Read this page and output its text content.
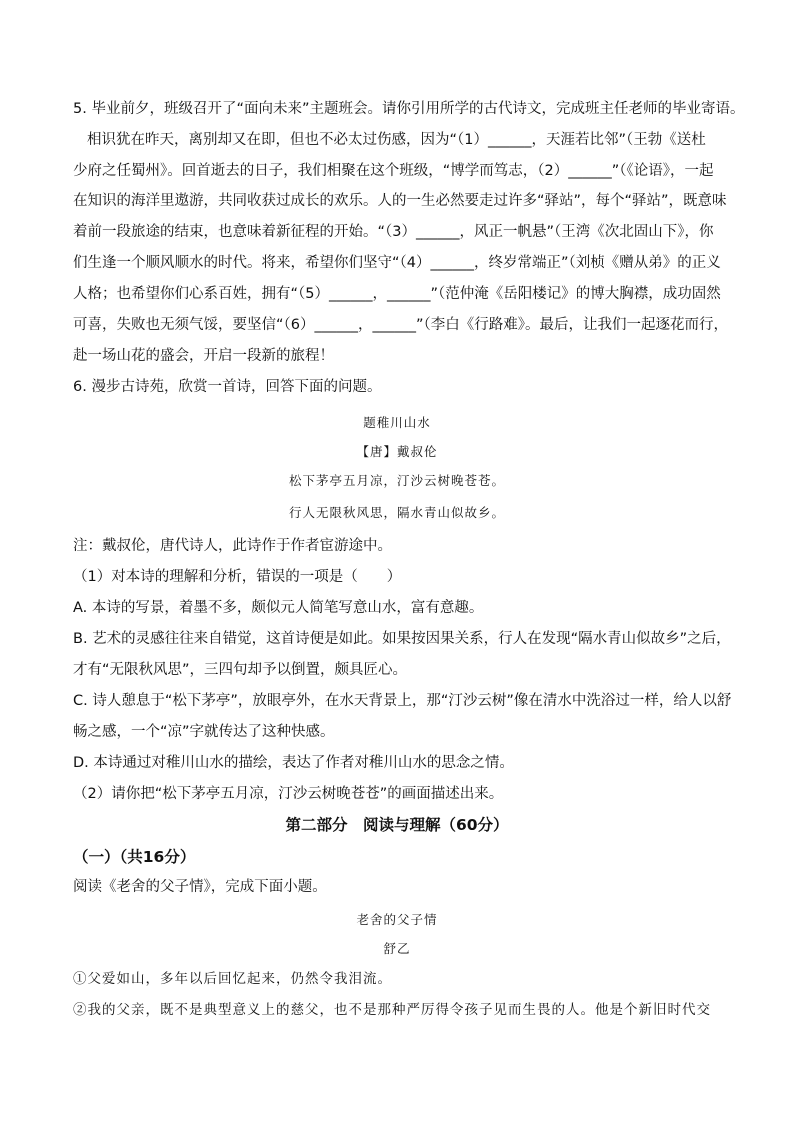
5. 毕业前夕，班级召开了“面向未来”主题班会。请你引用所学的古代诗文，完成班主任老师的毕业寄语。
相识犹在昨天，离别却又在即，但也不必太过伤感，因为“（1）______，天涯若比邻”（王勃《送杜
少府之任蜀州》。回首逝去的日子，我们相聚在这个班级，“博学而笃志，（2）______”（《论语》，一起
在知识的海洋里遨游，共同收获过成长的欢乐。人的一生必然要走过许多“驿站”，每个“驿站”，既意味
着前一段旅途的结束，也意味着新征程的开始。“（3）______，风正一帆悬”（王湾《次北固山下》，你
们生逢一个顺风顺水的时代。将来，希望你们坚守“（4）______，终岁常端正”（刘桢《赠从弟》的正义
人格；也希望你们心系百姓，拥有“（5）______，______”（范仲淹《岳阳楼记》的博大胸襟，成功固然
可喜，失败也无须气馁，要坚信“（6）______，______”（李白《行路难》。最后，让我们一起逐花而行，
赴一场山花的盛会，开启一段新的旅程！
6. 漫步古诗苑，欣赏一首诗，回答下面的问题。
题稚川山水
【唐】戴叔伦
松下茅亭五月凉，汀沙云树晚苍苍。
行人无限秋风思，隔水青山似故乡。
注：戴叔伦，唐代诗人，此诗作于作者宦游途中。
（1）对本诗的理解和分析，错误的一项是（　　）
A. 本诗的写景，着墨不多，颇似元人简笔写意山水，富有意趣。
B. 艺术的灵感往往来自错觉，这首诗便是如此。如果按因果关系，行人在发现“隔水青山似故乡”之后，
才有“无限秋风思”，三四句却予以倒置，颇具匠心。
C. 诗人憩息于“松下茅亭”，放眼亭外，在水天背景上，那“汀沙云树”像在清水中洗浴过一样，给人以舒
畅之感，一个“凉”字就传达了这种快感。
D. 本诗通过对稚川山水的描绘，表达了作者对稚川山水的思念之情。
（2）请你把“松下茅亭五月凉，汀沙云树晚苍苍”的画面描述出来。
第二部分　阅读与理解（60分）
（一）（共16分）
阅读《老舍的父子情》，完成下面小题。
老舍的父子情
舒乙
①父爱如山，多年以后回忆起来，仍然令我泪流。
②我的父亲，既不是典型意义上的慈父，也不是那种严厉得令孩子见而生畏的人。他是个新旧时代交
